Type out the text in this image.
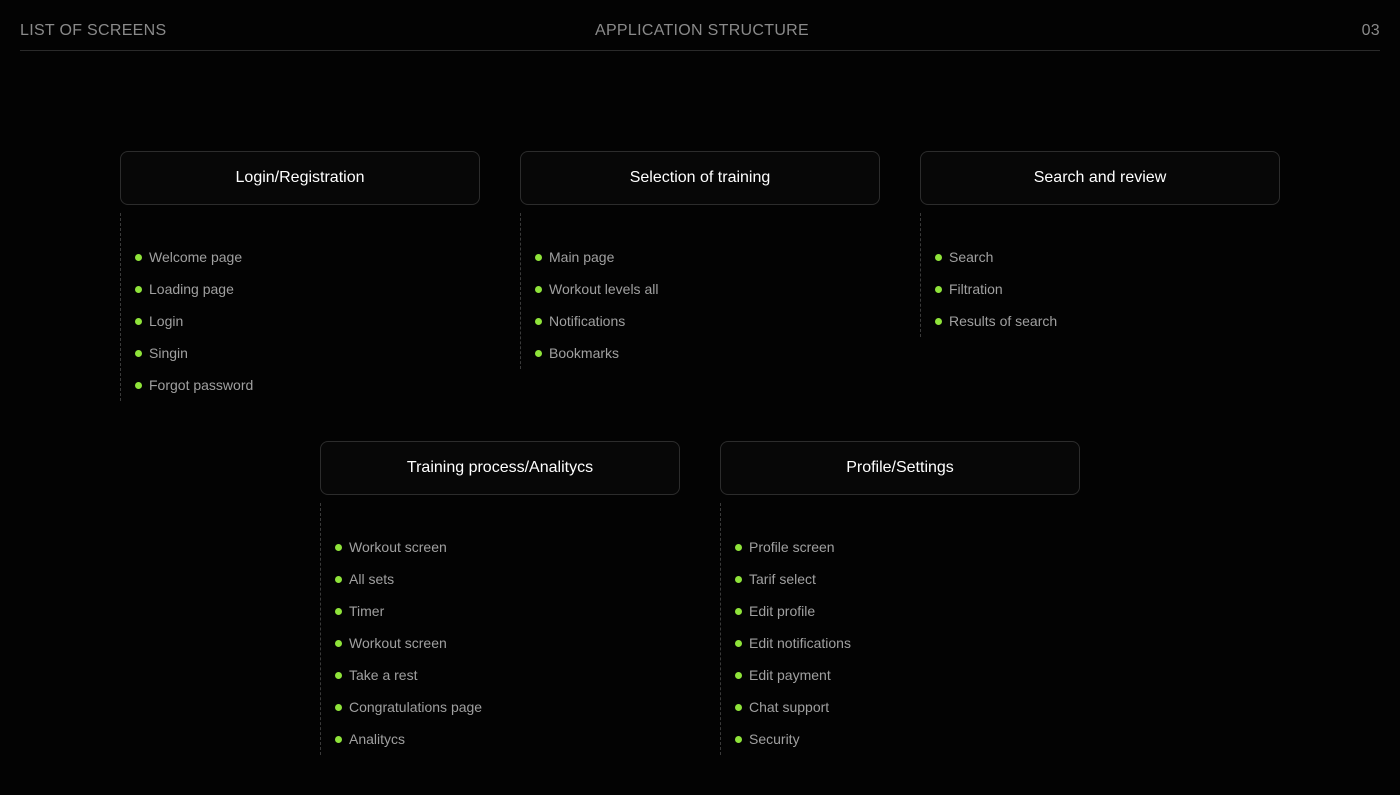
LIST OF SCREENS	APPLICATION STRUCTURE	03
Login/Registration
Welcome page
Loading page
Login
Singin
Forgot password
Selection of training
Main page
Workout levels all
Notifications
Bookmarks
Search and review
Search
Filtration
Results of search
Training process/Analitycs
Workout screen
All sets
Timer
Workout screen
Take a rest
Congratulations page
Analitycs
Profile/Settings
Profile screen
Tarif select
Edit profile
Edit notifications
Edit payment
Chat support
Security
